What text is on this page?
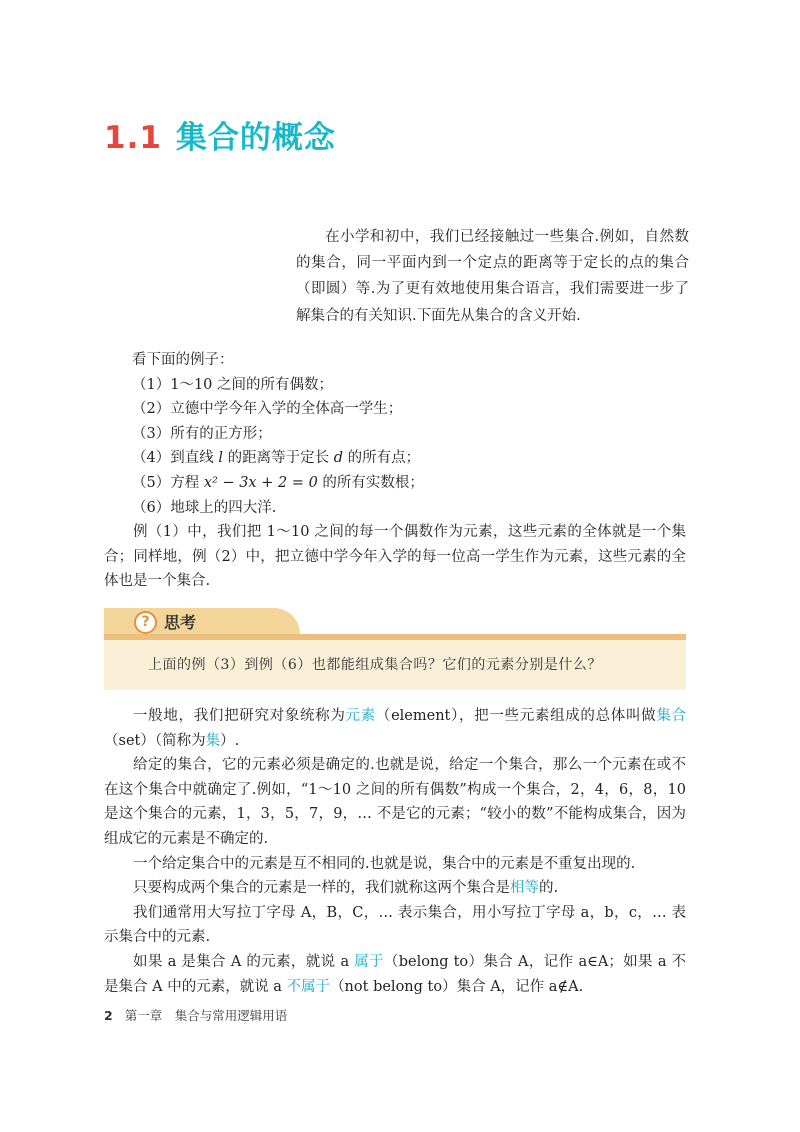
1.1 集合的概念

在小学和初中，我们已经接触过一些集合.例如，自然数的集合，同一平面内到一个定点的距离等于定长的点的集合（即圆）等.为了更有效地使用集合语言，我们需要进一步了解集合的有关知识.下面先从集合的含义开始.

看下面的例子：
（1）1～10 之间的所有偶数；
（2）立德中学今年入学的全体高一学生；
（3）所有的正方形；
（4）到直线 l 的距离等于定长 d 的所有点；
（5）方程 x² − 3x + 2 = 0 的所有实数根；
（6）地球上的四大洋.

例（1）中，我们把 1～10 之间的每一个偶数作为元素，这些元素的全体就是一个集合；同样地，例（2）中，把立德中学今年入学的每一位高一学生作为元素，这些元素的全体也是一个集合.

? 思考
上面的例（3）到例（6）也都能组成集合吗？它们的元素分别是什么？

一般地，我们把研究对象统称为元素（element），把一些元素组成的总体叫做集合（set）（简称为集）.

给定的集合，它的元素必须是确定的.也就是说，给定一个集合，那么一个元素在或不在这个集合中就确定了.例如，“1～10 之间的所有偶数”构成一个集合，2，4，6，8，10 是这个集合的元素，1，3，5，7，9，… 不是它的元素；“较小的数”不能构成集合，因为组成它的元素是不确定的.

一个给定集合中的元素是互不相同的.也就是说，集合中的元素是不重复出现的.

只要构成两个集合的元素是一样的，我们就称这两个集合是相等的.

我们通常用大写拉丁字母 A，B，C，… 表示集合，用小写拉丁字母 a，b，c，… 表示集合中的元素.

如果 a 是集合 A 的元素，就说 a 属于（belong to）集合 A，记作 a∈A；如果 a 不是集合 A 中的元素，就说 a 不属于（not belong to）集合 A，记作 a∉A.

2 第一章　集合与常用逻辑用语
